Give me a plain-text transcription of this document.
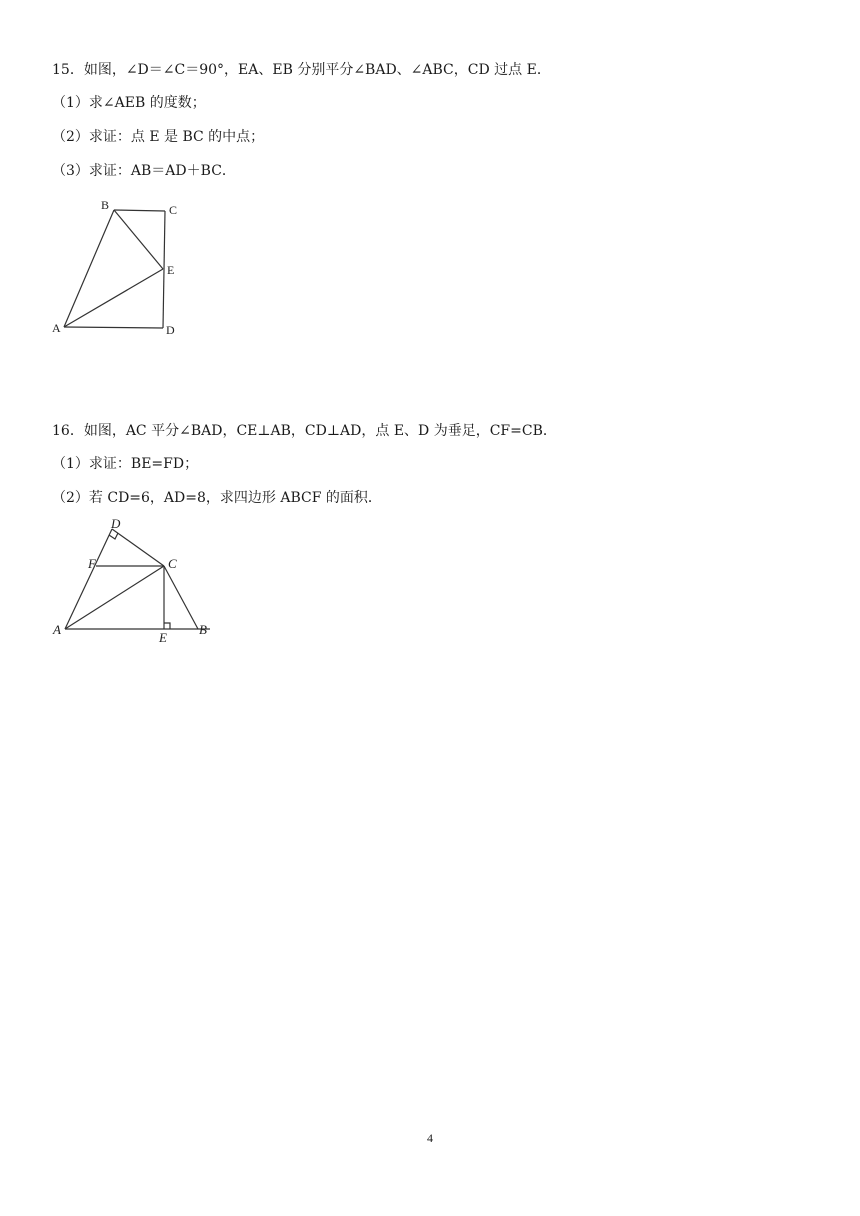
15．如图，∠D＝∠C＝90°，EA、EB 分别平分∠BAD、∠ABC，CD 过点 E．
（1）求∠AEB 的度数；
（2）求证：点 E 是 BC 的中点；
（3）求证：AB＝AD＋BC．
B	C
E
A	D
16．如图，AC 平分∠BAD，CE⊥AB，CD⊥AD，点 E、D 为垂足，CF=CB．
（1）求证：BE=FD；
（2）若 CD=6，AD=8，求四边形 ABCF 的面积．
D
F	C
A
E
B
4
